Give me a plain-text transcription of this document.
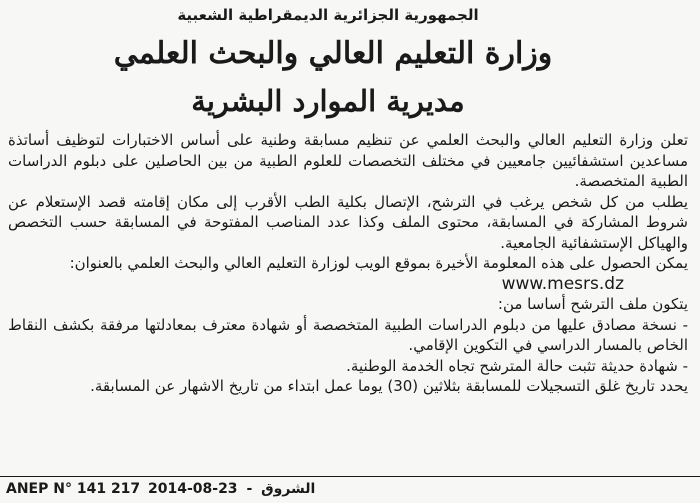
الجمهورية الجزائرية الديمقراطية الشعبية
وزارة التعليم العالي والبحث العلمي
مديرية الموارد البشرية

تعلن وزارة التعليم العالي والبحث العلمي عن تنظيم مسابقة وطنية على أساس الاختبارات لتوظيف أساتذة مساعدين استشفائيين جامعيين في مختلف التخصصات للعلوم الطبية من بين الحاصلين على دبلوم الدراسات الطبية المتخصصة.

يطلب من كل شخص يرغب في الترشح، الإتصال بكلية الطب الأقرب إلى مكان إقامته قصد الإستعلام عن شروط المشاركة في المسابقة، محتوى الملف وكذا عدد المناصب المفتوحة في المسابقة حسب التخصص والهياكل الإستشفائية الجامعية.

يمكن الحصول على هذه المعلومة الأخيرة بموقع الويب لوزارة التعليم العالي والبحث العلمي بالعنوان:

www.mesrs.dz

يتكون ملف الترشح أساسا من:

- نسخة مصادق عليها من دبلوم الدراسات الطبية المتخصصة أو شهادة معترف بمعادلتها مرفقة بكشف النقاط الخاص بالمسار الدراسي في التكوين الإقامي.

- شهادة حديثة تثبت حالة المترشح تجاه الخدمة الوطنية.

يحدد تاريخ غلق التسجيلات للمسابقة بثلاثين (30) يوما عمل ابتداء من تاريخ الاشهار عن المسابقة.

ANEP N° 141 217 2014-08-23 - الشروق
